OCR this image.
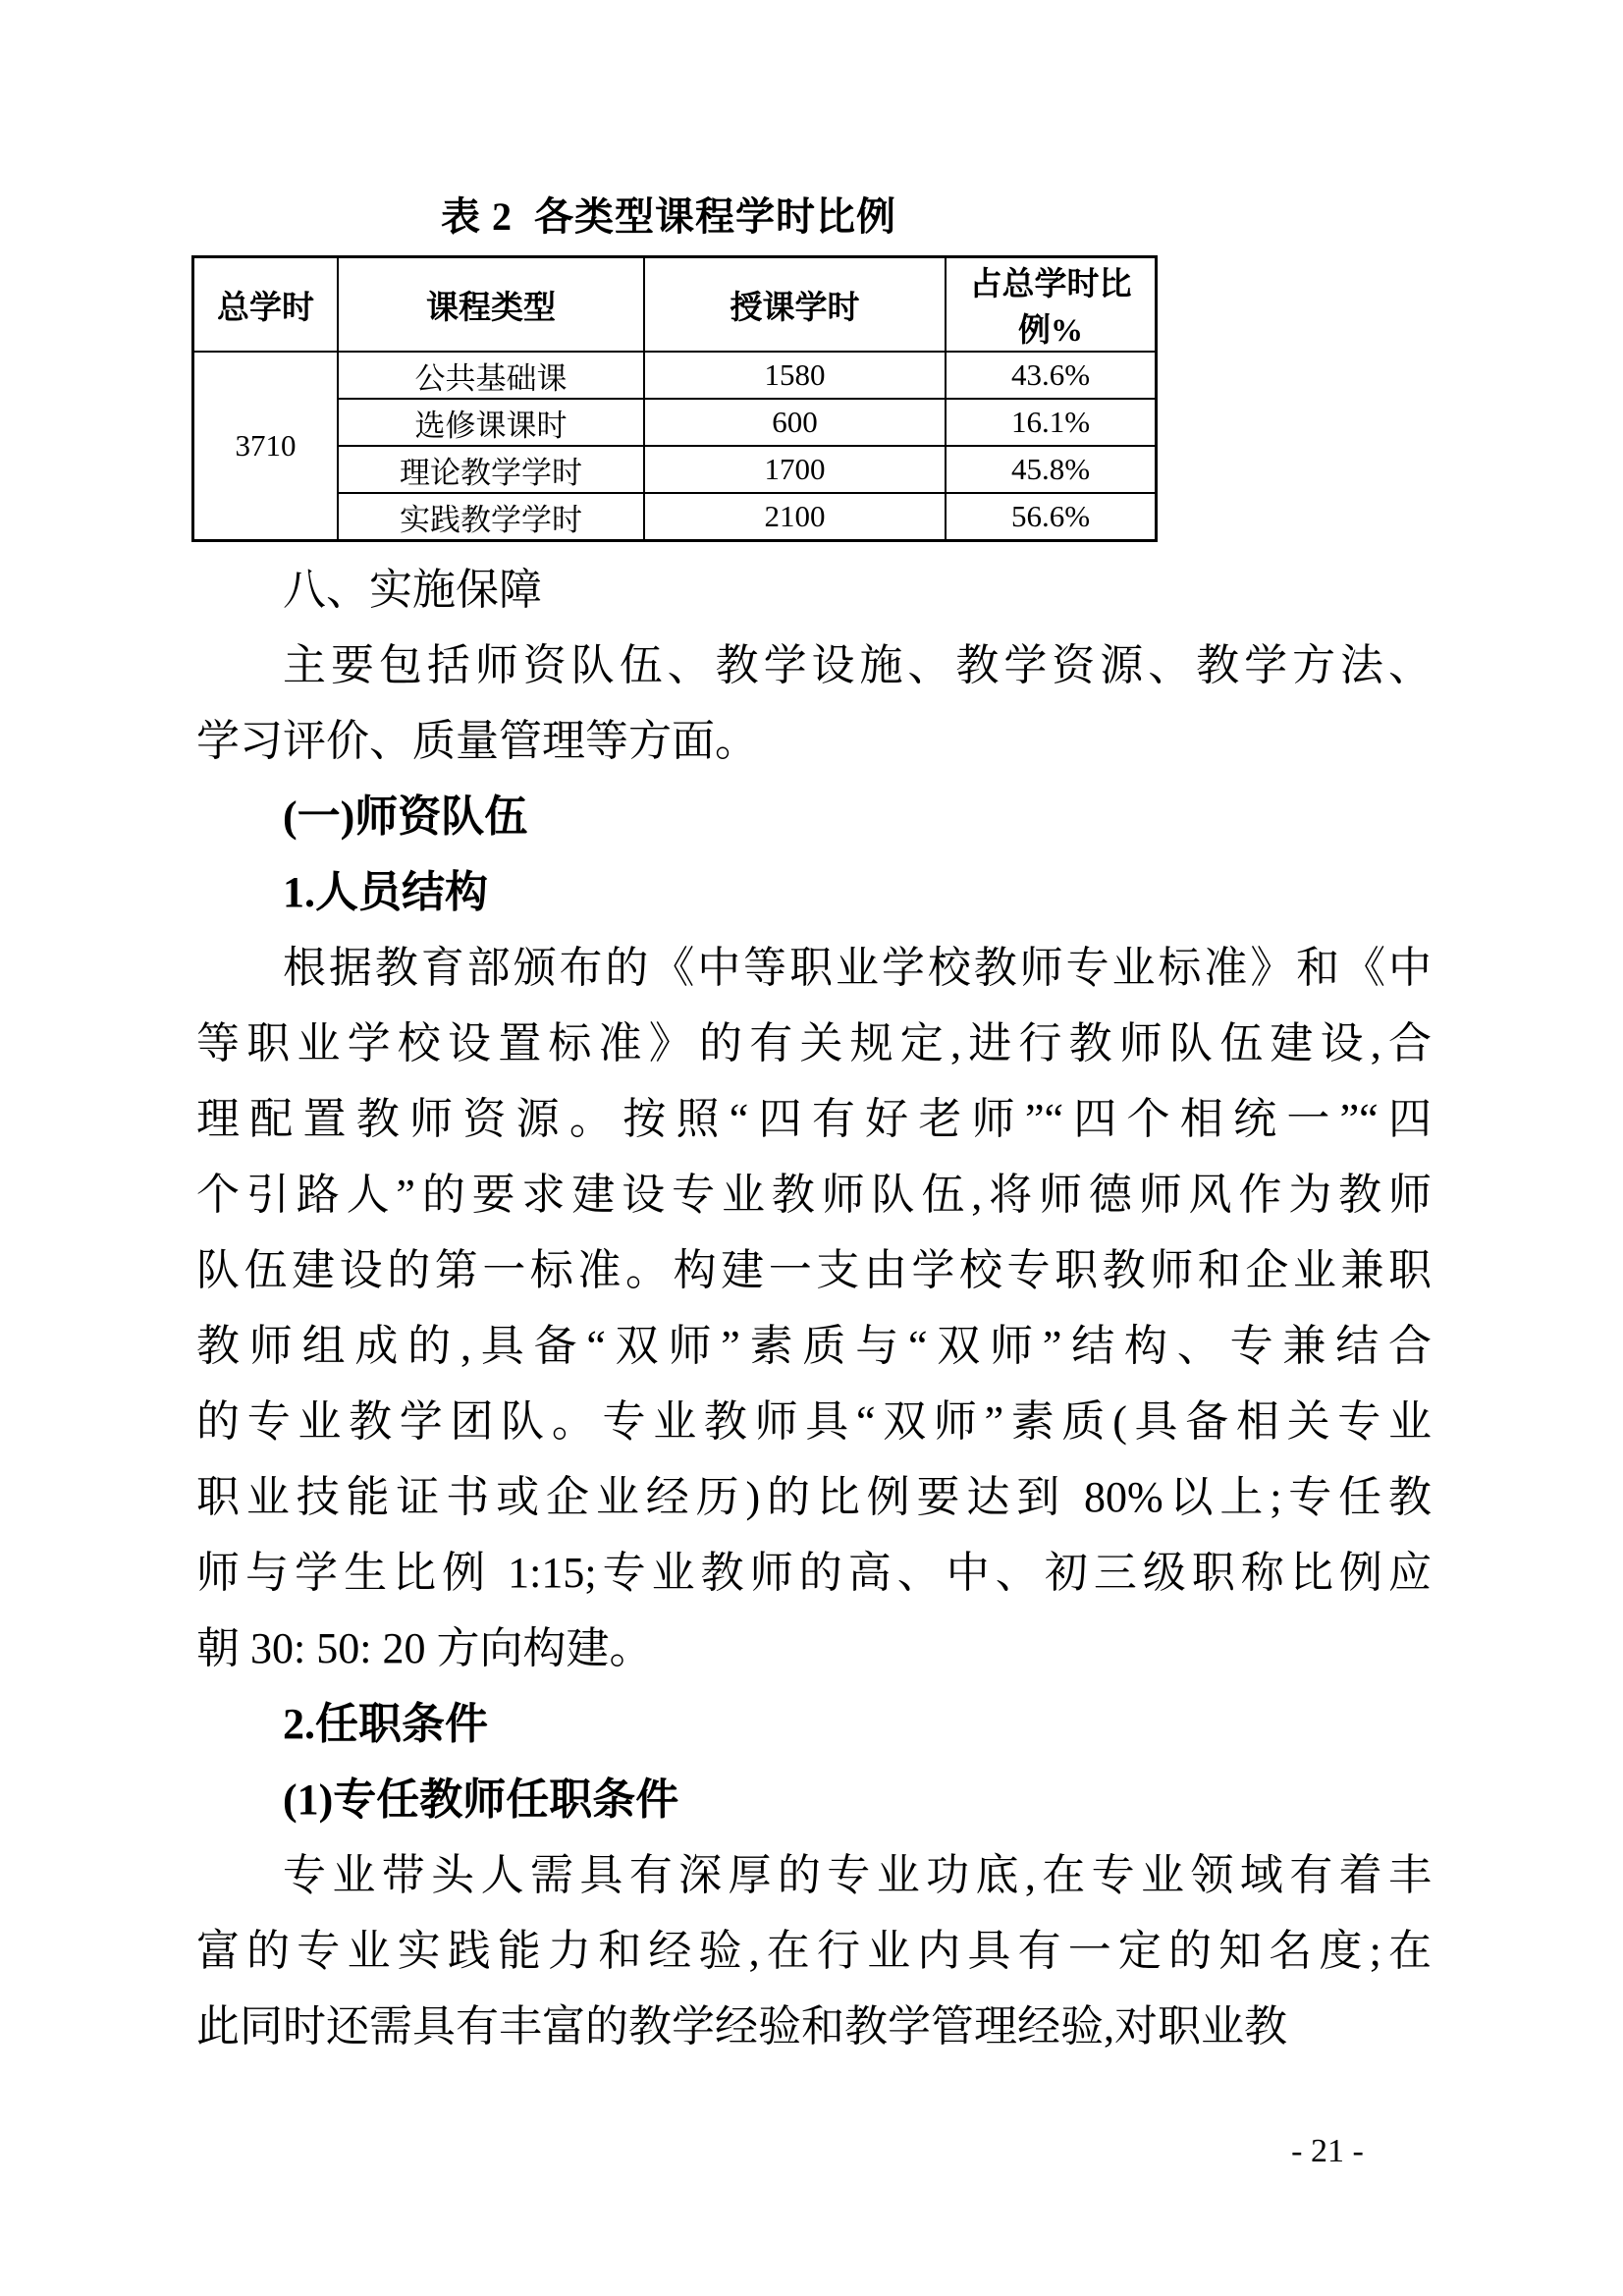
表 2  各类型课程学时比例
总学时	课程类型	授课学时	占总学时比例%
3710	公共基础课	1580	43.6%
	选修课课时	600	16.1%
	理论教学学时	1700	45.8%
	实践教学学时	2100	56.6%
八、实施保障
主要包括师资队伍、教学设施、教学资源、教学方法、
学习评价、质量管理等方面。
(一)师资队伍
1.人员结构
根据教育部颁布的《中等职业学校教师专业标准》和《中
等职业学校设置标准》的有关规定,进行教师队伍建设,合
理配置教师资源。按照“四有好老师”“四个相统一”“四
个引路人”的要求建设专业教师队伍,将师德师风作为教师
队伍建设的第一标准。构建一支由学校专职教师和企业兼职
教师组成的,具备“双师”素质与“双师”结构、专兼结合
的专业教学团队。专业教师具“双师”素质(具备相关专业
职业技能证书或企业经历)的比例要达到 80%以上;专任教
师与学生比例 1:15;专业教师的高、中、初三级职称比例应
朝 30: 50: 20 方向构建。
2.任职条件
(1)专任教师任职条件
专业带头人需具有深厚的专业功底,在专业领域有着丰
富的专业实践能力和经验,在行业内具有一定的知名度;在
此同时还需具有丰富的教学经验和教学管理经验,对职业教
- 21 -
